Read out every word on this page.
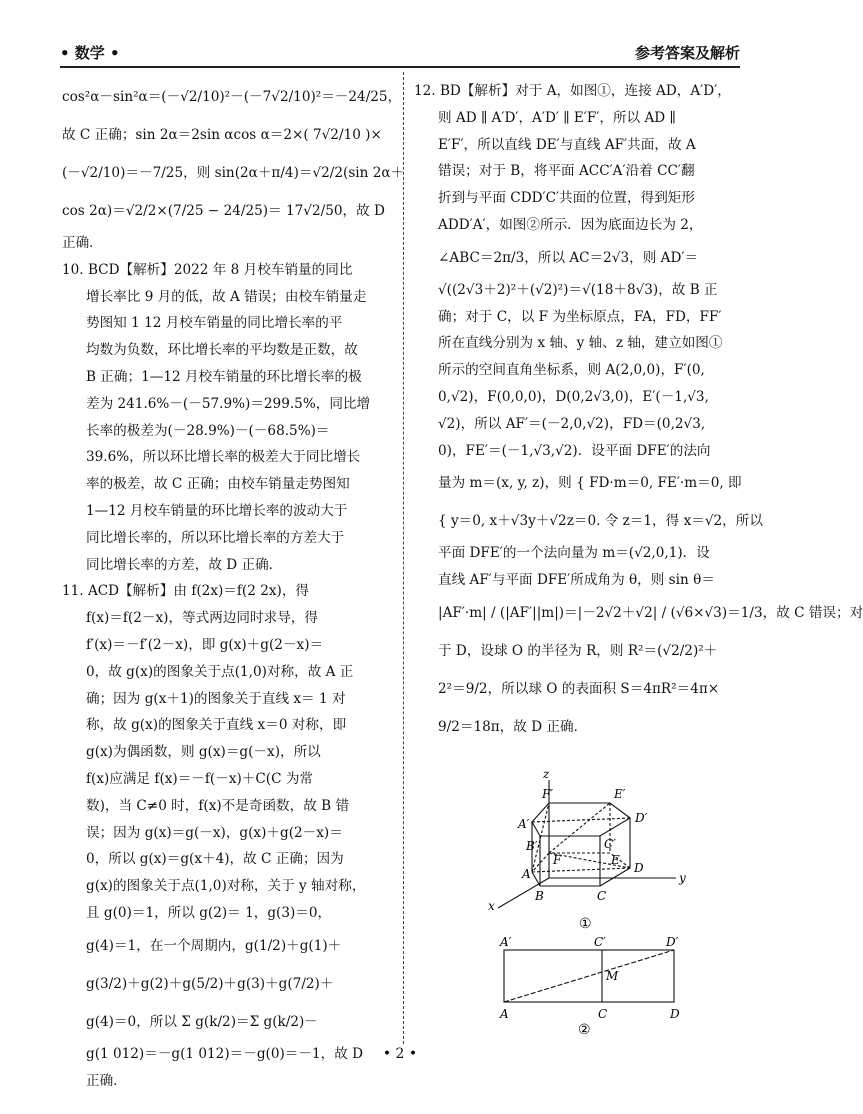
• 数学 •	参考答案及解析

cos²α－sin²α＝(－√2/10)²－(－7√2/10)²＝－24/25，

故 C 正确；sin 2α＝2sin αcos α＝2×( 7√2/10 )×

(－√2/10)＝－7/25，则 sin(2α＋π/4)＝√2/2(sin 2α＋

cos 2α)＝√2/2×(7/25 − 24/25)＝ 17√2/50，故 D

正确．

10. BCD【解析】2022 年 8 月校车销量的同比

增长率比 9 月的低，故 A 错误；由校车销量走

势图知 1 12 月校车销量的同比增长率的平

均数为负数，环比增长率的平均数是正数，故

B 正确；1—12 月校车销量的环比增长率的极

差为 241.6%－(－57.9%)＝299.5%，同比增

长率的极差为(－28.9%)－(－68.5%)＝

39.6%，所以环比增长率的极差大于同比增长

率的极差，故 C 正确；由校车销量走势图知

1—12 月校车销量的环比增长率的波动大于

同比增长率的，所以环比增长率的方差大于

同比增长率的方差，故 D 正确．

11. ACD【解析】由 f(2x)＝f(2 2x)，得

f(x)＝f(2－x)，等式两边同时求导，得

f′(x)＝－f′(2－x)，即 g(x)＋g(2－x)＝

0，故 g(x)的图象关于点(1,0)对称，故 A 正

确；因为 g(x＋1)的图象关于直线 x＝ 1 对

称，故 g(x)的图象关于直线 x＝0 对称，即

g(x)为偶函数，则 g(x)＝g(－x)，所以

f(x)应满足 f(x)＝－f(－x)＋C(C 为常

数)，当 C≠0 时，f(x)不是奇函数，故 B 错

误；因为 g(x)＝g(－x)，g(x)＋g(2－x)＝

0，所以 g(x)＝g(x＋4)，故 C 正确；因为

g(x)的图象关于点(1,0)对称，关于 y 轴对称，

且 g(0)＝1，所以 g(2)＝ 1，g(3)＝0，

g(4)＝1，在一个周期内，g(1/2)＋g(1)＋

g(3/2)＋g(2)＋g(5/2)＋g(3)＋g(7/2)＋

g(4)＝0，所以 Σ g(k/2)＝Σ g(k/2)－

g(1 012)＝－g(1 012)＝－g(0)＝－1，故 D

正确．

12. BD【解析】对于 A，如图①，连接 AD，A′D′，

则 AD ∥ A′D′，A′D′ ∥ E′F′，所以 AD ∥

E′F′，所以直线 DE′与直线 AF′共面，故 A

错误；对于 B，将平面 ACC′A′沿着 CC′翻

折到与平面 CDD′C′共面的位置，得到矩形

ADD′A′，如图②所示．因为底面边长为 2，

∠ABC＝2π/3，所以 AC＝2√3，则 AD′＝

√((2√3＋2)²＋(√2)²)＝√(18＋8√3)，故 B 正

确；对于 C，以 F 为坐标原点，FA，FD，FF′

所在直线分别为 x 轴、y 轴、z 轴，建立如图①

所示的空间直角坐标系，则 A(2,0,0)，F′(0,

0,√2)，F(0,0,0)，D(0,2√3,0)，E′(－1,√3,

√2)，所以 AF′＝(－2,0,√2)，FD＝(0,2√3,

0)，FE′＝(－1,√3,√2)．设平面 DFE′的法向

量为 m＝(x, y, z)，则 { FD·m＝0, FE′·m＝0, 即

{ y＝0, x＋√3y＋√2z＝0. 令 z＝1，得 x＝√2，所以

平面 DFE′的一个法向量为 m＝(√2,0,1)．设

直线 AF′与平面 DFE′所成角为 θ，则 sin θ＝

|AF′·m| / (|AF′||m|)＝|－2√2＋√2| / (√6×√3)＝1/3，故 C 错误；对

于 D，设球 O 的半径为 R，则 R²＝(√2/2)²＋

2²＝9/2，所以球 O 的表面积 S＝4πR²＝4π×

9/2＝18π，故 D 正确．

z
x
y
A
B	C
D
E
F
A′
B′	C′
D′
E′
F′
①
A′	C′	D′
A	C	D
M
②
• 2 •
